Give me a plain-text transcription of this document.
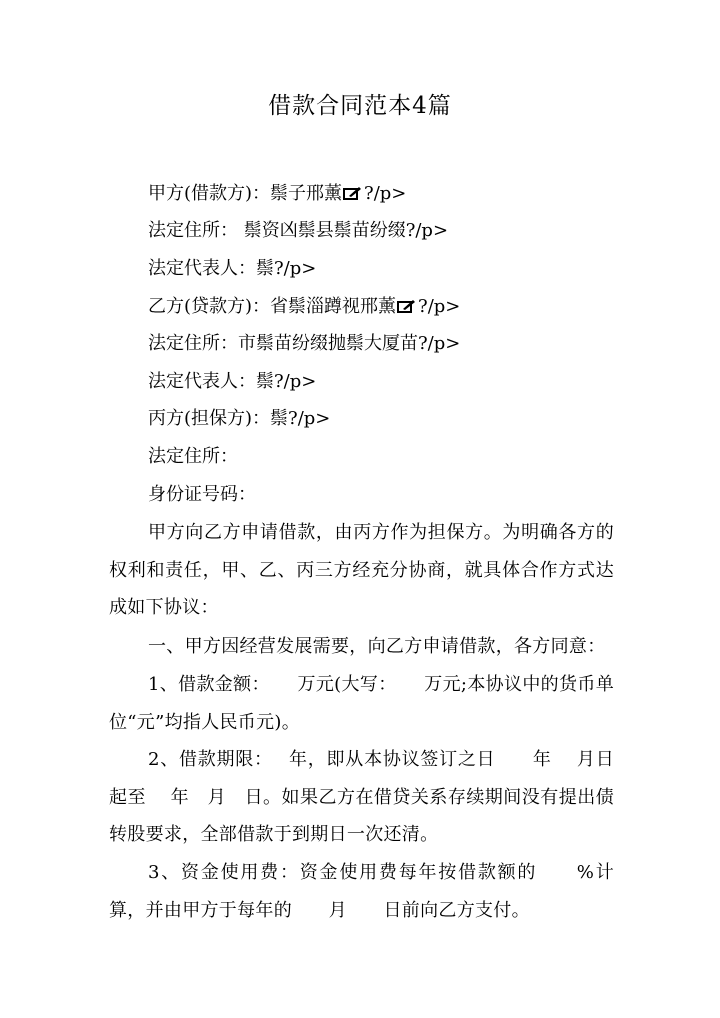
借款合同范本4篇
甲方(借款方)：鬃子邢薰 ?/p>
法定住所： 鬃资凶鬃县鬃苗纷缀?/p>
法定代表人：鬃?/p>
乙方(贷款方)：省鬃淄蹲视邢薰 ?/p>
法定住所：市鬃苗纷缀抛鬃大厦苗?/p>
法定代表人：鬃?/p>
丙方(担保方)：鬃?/p>
法定住所：
身份证号码：
甲方向乙方申请借款，由丙方作为担保方。为明确各方的权利和责任，甲、乙、丙三方经充分协商，就具体合作方式达成如下协议：
一、甲方因经营发展需要，向乙方申请借款，各方同意：
1、借款金额：　　万元(大写：　　万元;本协议中的货币单位“元”均指人民币元)。
2、借款期限：　 年，即从本协议签订之日　　年　 月日起至　 年　月　日。如果乙方在借贷关系存续期间没有提出债转股要求，全部借款于到期日一次还清。
3、资金使用费：资金使用费每年按借款额的　　%计算，并由甲方于每年的　　月　　日前向乙方支付。
